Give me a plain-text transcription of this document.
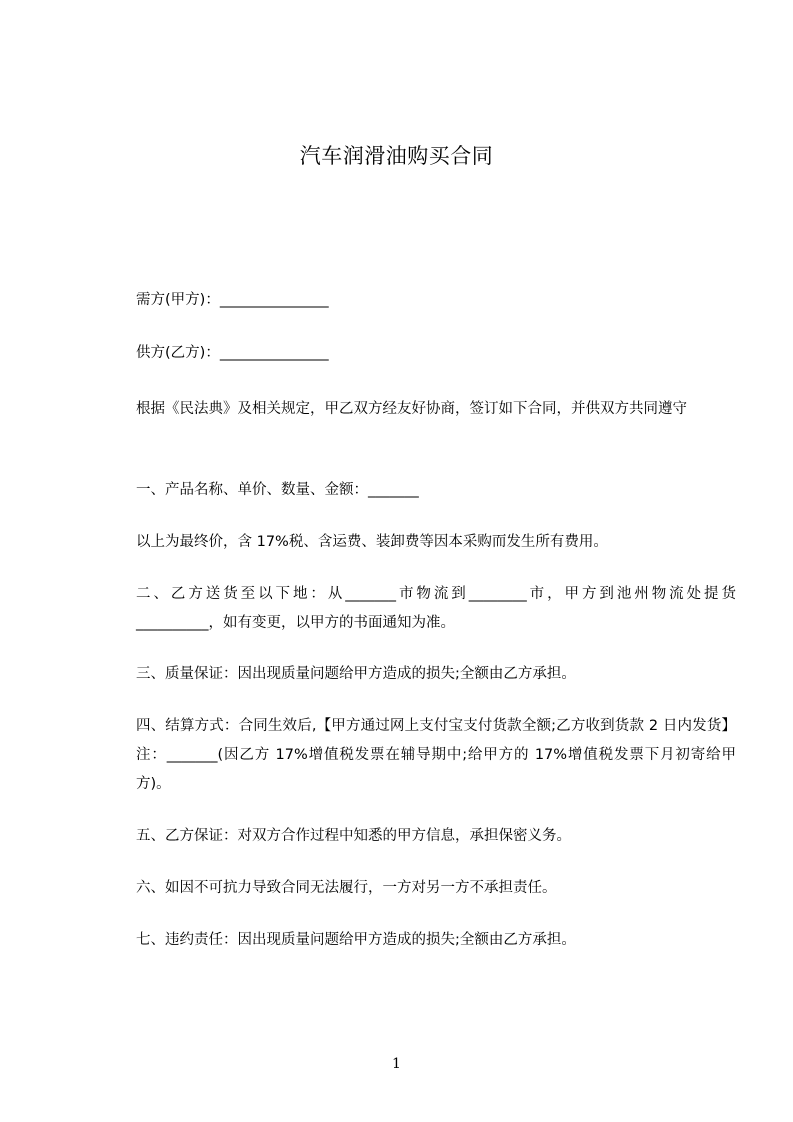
汽车润滑油购买合同
需方(甲方)：_______________
供方(乙方)：_______________
根据《民法典》及相关规定，甲乙双方经友好协商，签订如下合同，并供双方共同遵守
一、产品名称、单价、数量、金额：_______
以上为最终价，含 17%税、含运费、装卸费等因本采购而发生所有费用。
二、乙方送货至以下地：从_______市物流到________市，甲方到池州物流处提货__________，如有变更，以甲方的书面通知为准。
三、质量保证：因出现质量问题给甲方造成的损失;全额由乙方承担。
四、结算方式：合同生效后,【甲方通过网上支付宝支付货款全额;乙方收到货款 2 日内发货】注：_______(因乙方 17%增值税发票在辅导期中;给甲方的 17%增值税发票下月初寄给甲方)。
五、乙方保证：对双方合作过程中知悉的甲方信息，承担保密义务。
六、如因不可抗力导致合同无法履行，一方对另一方不承担责任。
七、违约责任：因出现质量问题给甲方造成的损失;全额由乙方承担。
1
